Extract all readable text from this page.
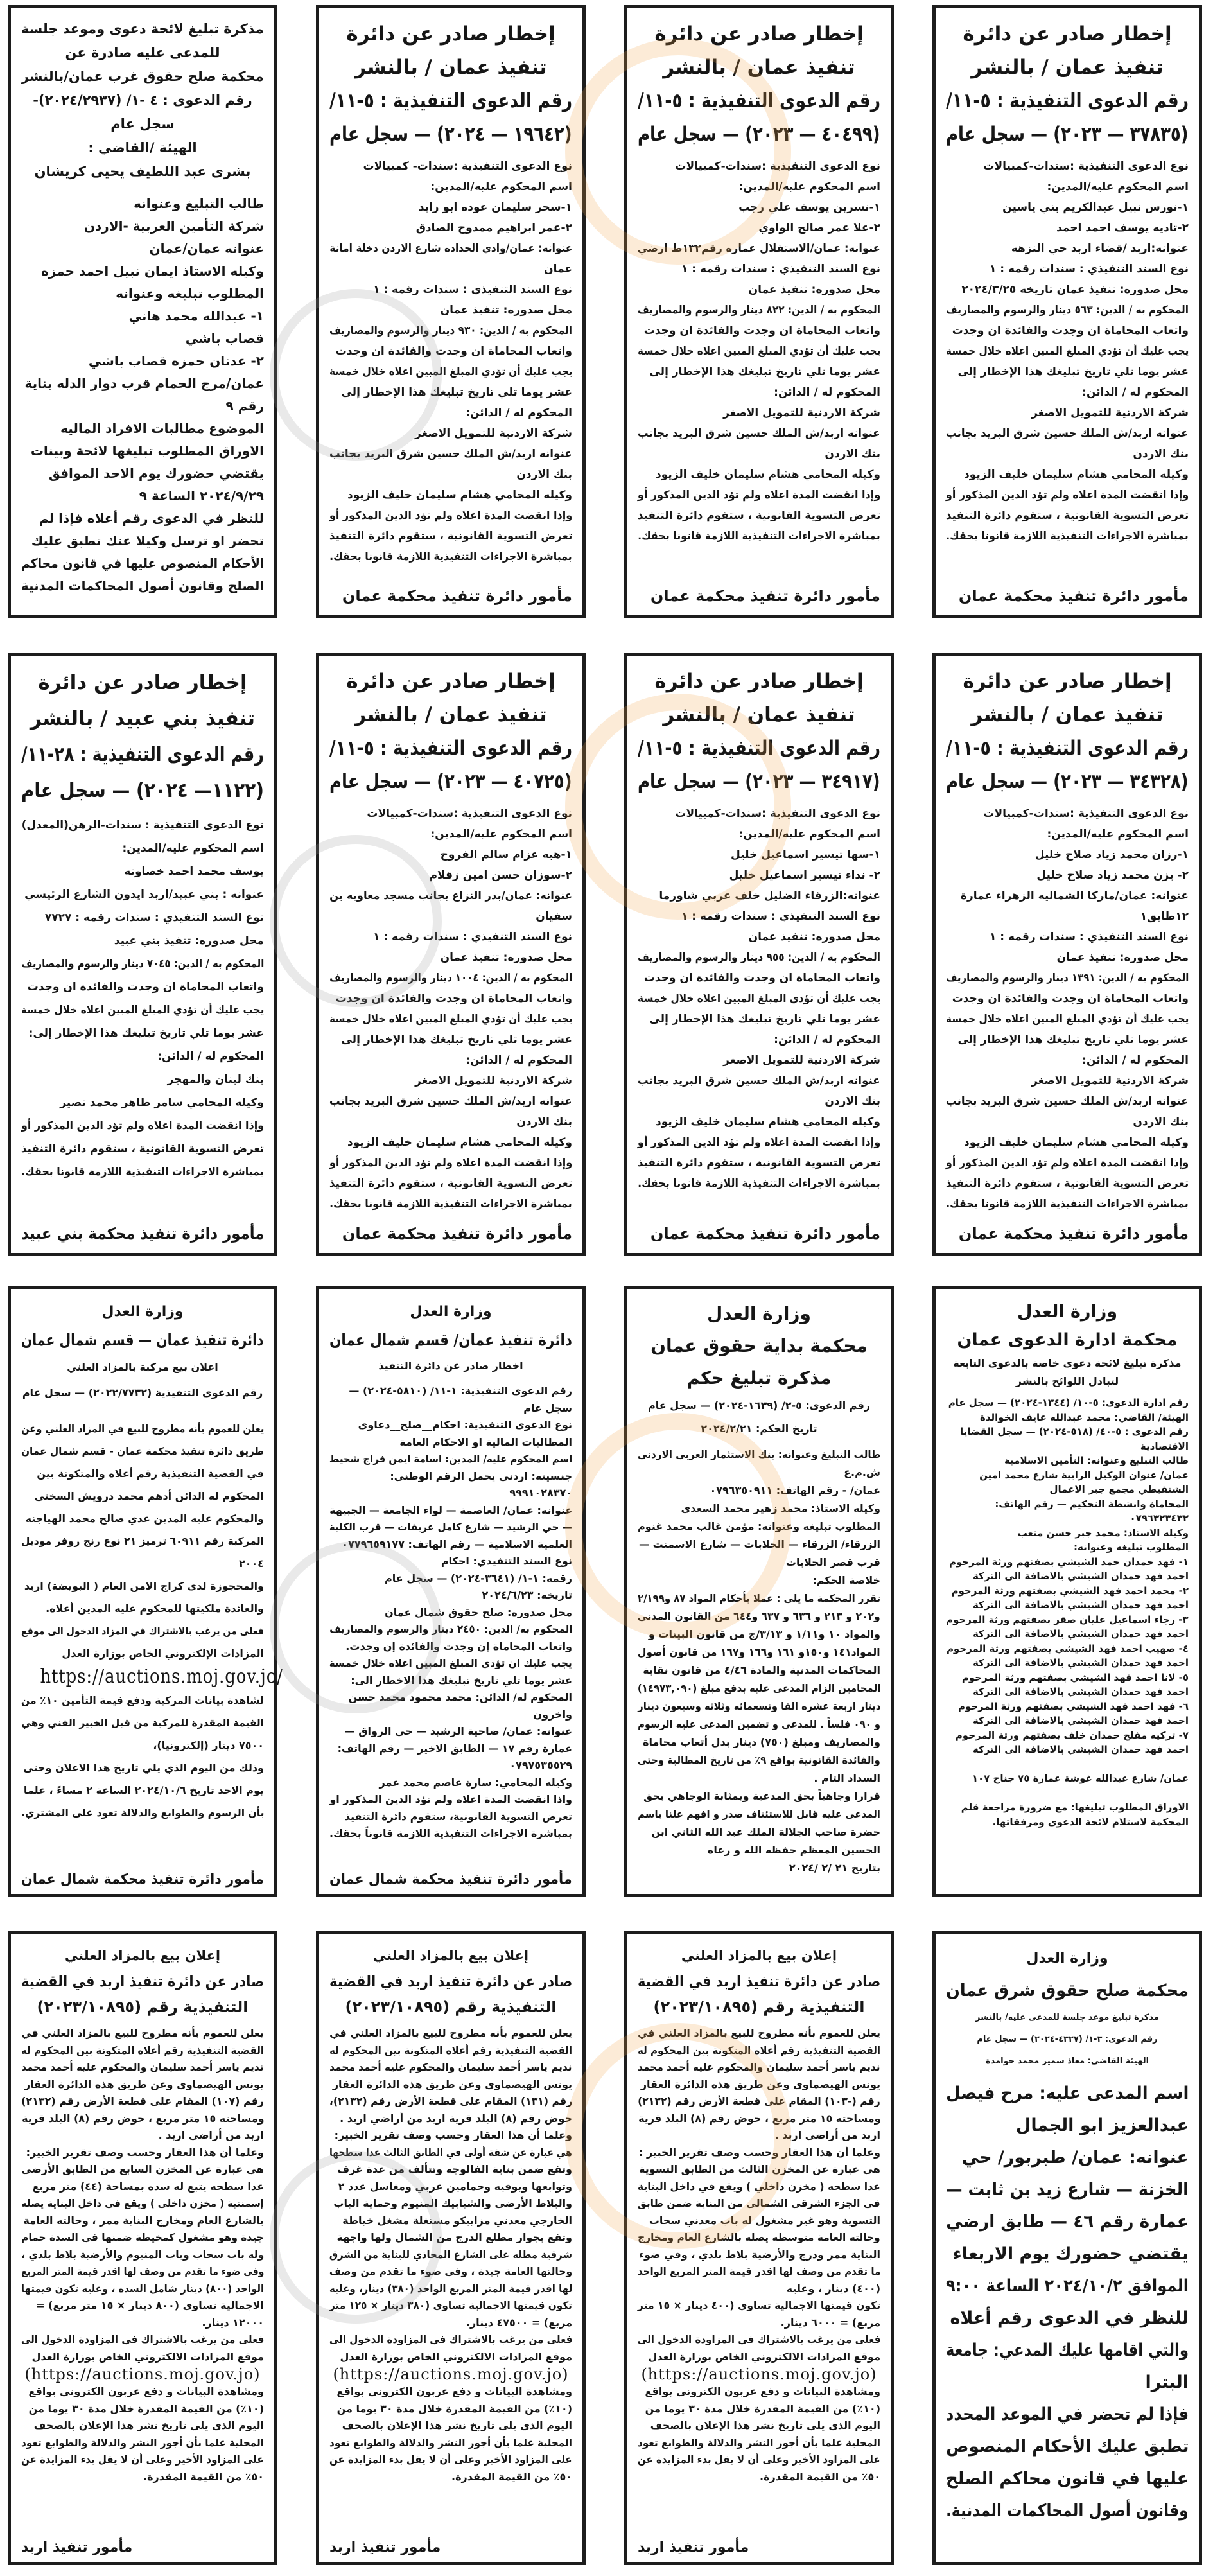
إخطار صادر عن دائرة
تنفيذ عمان / بالنشر
رقم الدعوى التنفيذية : ٥-١١/
(٣٧٨٣٥ — ٢٠٢٣) — سجل عام
نوع الدعوى التنفيذية :سندات-كمبيالات
اسم المحكوم عليه/المدين:
١-نورس نبيل عبدالكريم بني ياسين
٢-تاديه يوسف احمد احمد
عنوانه:اربد /قضاء اربد حي النزهه
نوع السند التنفيذي : سندات رقمه : ١
محل صدوره: تنفيذ عمان تاريخه ٢٠٢٤/٣/٢٥
المحكوم به / الدين: ٥٦٣ دينار والرسوم والمصاريف
واتعاب المحاماة ان وجدت والفائدة ان وجدت
يجب عليك أن تؤدي المبلغ المبين اعلاه خلال خمسة
عشر يوما تلي تاريخ تبليغك هذا الإخطار إلى
المحكوم له / الدائن:
شركة الاردنية للتمويل الاصغر
عنوانه اربد/ش الملك حسين شرق البريد بجانب
بنك الاردن
وكيله المحامي هشام سليمان خليف الزيود
وإذا انقضت المدة اعلاه ولم تؤد الدين المذكور أو
تعرض التسوية القانونية ، ستقوم دائرة التنفيذ
بمباشرة الاجراءات التنفيذية اللازمة قانونا بحقك.
مأمور دائرة تنفيذ محكمة عمان
إخطار صادر عن دائرة
تنفيذ عمان / بالنشر
رقم الدعوى التنفيذية : ٥-١١/
(٤٠٤٩٩ — ٢٠٢٣) — سجل عام
نوع الدعوى التنفيذية :سندات-كمبيالات
اسم المحكوم عليه/المدين:
١-نسرين يوسف علي رجب
٢-علا عمر صالح الواوي
عنوانه: عمان/الاستقلال عماره رقم١٣٢ط ارضي
نوع السند التنفيذي : سندات رقمه : ١
محل صدوره: تنفيذ عمان
المحكوم به / الدين: ٨٢٢ دينار والرسوم والمصاريف
واتعاب المحاماة ان وجدت والفائدة ان وجدت
يجب عليك أن تؤدي المبلغ المبين اعلاه خلال خمسة
عشر يوما تلي تاريخ تبليغك هذا الإخطار إلى
المحكوم له / الدائن:
شركة الاردنية للتمويل الاصغر
عنوانه اربد/ش الملك حسين شرق البريد بجانب
بنك الاردن
وكيله المحامي هشام سليمان خليف الزيود
وإذا انقضت المدة اعلاه ولم تؤد الدين المذكور أو
تعرض التسوية القانونية ، ستقوم دائرة التنفيذ
بمباشرة الاجراءات التنفيذية اللازمة قانونا بحقك.
مأمور دائرة تنفيذ محكمة عمان
إخطار صادر عن دائرة
تنفيذ عمان / بالنشر
رقم الدعوى التنفيذية : ٥-١١/
(١٩٦٤٢ — ٢٠٢٤) — سجل عام
نوع الدعوى التنفيذية :سندات- كمبيالات
اسم المحكوم عليه/المدين:
١-سحر سليمان عوده ابو زايد
٢-عمر ابراهيم ممدوح الصادق
عنوانه: عمان/وادي الحداده شارع الاردن دخلة امانة
عمان
نوع السند التنفيذي : سندات رقمه : ١
محل صدوره: تنفيذ عمان
المحكوم به / الدين: ٩٣٠ دينار والرسوم والمصاريف
واتعاب المحاماة ان وجدت والفائدة ان وجدت
يجب عليك أن تؤدي المبلغ المبين اعلاه خلال خمسة
عشر يوما تلي تاريخ تبليغك هذا الإخطار إلى
المحكوم له / الدائن:
شركة الاردنية للتمويل الاصغر
عنوانه اربد/ش الملك حسين شرق البريد بجانب
بنك الاردن
وكيله المحامي هشام سليمان خليف الزيود
وإذا انقضت المدة اعلاه ولم تؤد الدين المذكور أو
تعرض التسوية القانونية ، ستقوم دائرة التنفيذ
بمباشرة الاجراءات التنفيذية اللازمة قانونا بحقك.
مأمور دائرة تنفيذ محكمة عمان
مذكرة تبليغ لائحة دعوى وموعد جلسة
للمدعى عليه صادرة عن
محكمة صلح حقوق غرب عمان/بالنشر
رقم الدعوى : ٤ -١/ (٢٠٢٤/٢٩٣٧)-
سجل عام
الهيئة /القاضي :
بشرى عبد اللطيف يحيى كريشان
طالب التبليغ وعنوانه
شركة التأمين العربية -الاردن
عنوانه عمان/عمان
وكيله الاستاذ ايمان نبيل احمد حمزه
المطلوب تبليغه وعنوانه
١- عبدالله محمد هاني
قصاب باشي
٢- عدنان حمزه قصاب باشي
عمان/مرج الحمام قرب دوار الدله بناية
رقم ٩
الموضوع مطالبات الافراد الماليه
الاوراق المطلوب تبليغها لائحة وبينات
يقتضي حضورك يوم الاحد الموافق
٢٠٢٤/٩/٢٩ الساعة ٩
للنظر في الدعوى رقم أعلاه فإذا لم
تحضر او ترسل وكيلا عنك تطبق عليك
الأحكام المنصوص عليها في قانون محاكم
الصلح وقانون أصول المحاكمات المدنية
إخطار صادر عن دائرة
تنفيذ عمان / بالنشر
رقم الدعوى التنفيذية : ٥-١١/
(٣٤٣٢٨ — ٢٠٢٣) — سجل عام
نوع الدعوى التنفيذية :سندات-كمبيالات
اسم المحكوم عليه/المدين:
١-رزان محمد زياد صلاح خليل
٢- يزن محمد زياد صلاح خليل
عنوانه: عمان/ماركا الشماليه الزهراء عمارة
١٢طابق١
نوع السند التنفيذي : سندات رقمه : ١
محل صدوره: تنفيذ عمان
المحكوم به / الدين: ١٣٩١ دينار والرسوم والمصاريف
واتعاب المحاماة ان وجدت والفائدة ان وجدت
يجب عليك أن تؤدي المبلغ المبين اعلاه خلال خمسة
عشر يوما تلي تاريخ تبليغك هذا الإخطار إلى
المحكوم له / الدائن:
شركة الاردنية للتمويل الاصغر
عنوانه اربد/ش الملك حسين شرق البريد بجانب
بنك الاردن
وكيله المحامي هشام سليمان خليف الزيود
وإذا انقضت المدة اعلاه ولم تؤد الدين المذكور أو
تعرض التسوية القانونية ، ستقوم دائرة التنفيذ
بمباشرة الاجراءات التنفيذية اللازمة قانونا بحقك.
مأمور دائرة تنفيذ محكمة عمان
إخطار صادر عن دائرة
تنفيذ عمان / بالنشر
رقم الدعوى التنفيذية : ٥-١١/
(٣٤٩١٧ — ٢٠٢٣) — سجل عام
نوع الدعوى التنفيذية :سندات-كمبيالات
اسم المحكوم عليه/المدين:
١-سها تيسير اسماعيل خليل
٢- نداء تيسير اسماعيل خليل
عنوانه:الزرقاء الضليل خلف عربي شاورما
نوع السند التنفيذي : سندات رقمه : ١
محل صدوره: تنفيذ عمان
المحكوم به / الدين: ٩٥٥ دينار والرسوم والمصاريف
واتعاب المحاماة ان وجدت والفائدة ان وجدت
يجب عليك أن تؤدي المبلغ المبين اعلاه خلال خمسة
عشر يوما تلي تاريخ تبليغك هذا الإخطار إلى
المحكوم له / الدائن:
شركة الاردنية للتمويل الاصغر
عنوانه اربد/ش الملك حسين شرق البريد بجانب
بنك الاردن
وكيله المحامي هشام سليمان خليف الزيود
وإذا انقضت المدة اعلاه ولم تؤد الدين المذكور أو
تعرض التسوية القانونية ، ستقوم دائرة التنفيذ
بمباشرة الاجراءات التنفيذية اللازمة قانونا بحقك.
مأمور دائرة تنفيذ محكمة عمان
إخطار صادر عن دائرة
تنفيذ عمان / بالنشر
رقم الدعوى التنفيذية : ٥-١١/
(٤٠٧٢٥ — ٢٠٢٣) — سجل عام
نوع الدعوى التنفيذية :سندات-كمبيالات
اسم المحكوم عليه/المدين:
١-هبه عزام سالم الفروخ
٢-سوزان حسن امين زقلام
عنوانه: عمان/بدر النزاع بجانب مسجد معاويه بن
سفيان
نوع السند التنفيذي : سندات رقمه : ١
محل صدوره: تنفيذ عمان
المحكوم به / الدين: ١٠٠٤ دينار والرسوم والمصاريف
واتعاب المحاماة ان وجدت والفائدة ان وجدت
يجب عليك أن تؤدي المبلغ المبين اعلاه خلال خمسة
عشر يوما تلي تاريخ تبليغك هذا الإخطار إلى
المحكوم له / الدائن:
شركة الاردنية للتمويل الاصغر
عنوانه اربد/ش الملك حسين شرق البريد بجانب
بنك الاردن
وكيله المحامي هشام سليمان خليف الزيود
وإذا انقضت المدة اعلاه ولم تؤد الدين المذكور أو
تعرض التسوية القانونية ، ستقوم دائرة التنفيذ
بمباشرة الاجراءات التنفيذية اللازمة قانونا بحقك.
مأمور دائرة تنفيذ محكمة عمان
إخطار صادر عن دائرة
تنفيذ بني عبيد / بالنشر
رقم الدعوى التنفيذية : ٢٨-١١/
(١١٢٢— ٢٠٢٤) — سجل عام
نوع الدعوى التنفيذية : سندات-الرهن(المعدل)
اسم المحكوم عليه/المدين:
يوسف محمد احمد خصاونه
عنوانه : بني عبيد/اربد ايدون الشارع الرئيسي
نوع السند التنفيذي : سندات رقمه : ٧٧٢٧
محل صدوره: تنفيذ بني عبيد
المحكوم به / الدين: ٧٠٤٥ دينار والرسوم والمصاريف
واتعاب المحاماة ان وجدت والفائدة ان وجدت
يجب عليك أن تؤدي المبلغ المبين اعلاه خلال خمسة
عشر يوما تلي تاريخ تبليغك هذا الإخطار إلى:
المحكوم له / الدائن:
بنك لبنان والمهجر
وكيله المحامي سامر طاهر محمد نصير
وإذا انقضت المدة اعلاه ولم تؤد الدين المذكور أو
تعرض التسوية القانونية ، ستقوم دائرة التنفيذ
بمباشرة الاجراءات التنفيذية اللازمة قانونا بحقك.
مأمور دائرة تنفيذ محكمة بني عبيد
وزارة العدل
محكمة ادارة الدعوى عمان
مذكرة تبليغ لائحة دعوى خاصة بالدعوى التابعة
لتبادل اللوائح بالنشر
رقم ادارة الدعوى: ٥-١٠/ (١٣٤٤-٢٠٢٤) — سجل عام
الهيئة/ القاضي: محمد عبدالله عايف الخوالدة
رقم الدعوى : ٥-٤٠/ (٥١٨-٢٠٢٤) — سجل القضايا
الاقتصادية
طالب التبليغ وعنوانه: التأمين الاسلامية
عمان/ عنوان الوكيل الرابية شارع محمد امين
الشنقيطي مجمع جبر الاعمال
المحاماة وانشطة التحكيم — رقم الهاتف:
٠٧٩٦٣٢٣٤٣٢
وكيله الاستاذ: محمد جبر حسن متعب
المطلوب تبليغه وعنوانه:
١- فهد حمدان حمد الشيشي بصفتهم ورثة المرحوم
احمد فهد حمدان الشيشي بالاضافة الى التركة
٢- محمد احمد فهد الشيشي بصفتهم ورثة المرحوم
احمد فهد حمدان الشيشي بالاضافة الى التركة
٣- رجاء اسماعيل عليان صقر بصفتهم ورثة المرحوم
احمد فهد حمدان الشيشي بالاضافة الى التركة
٤- صهيب احمد فهد الشيشي بصفتهم ورثة المرحوم
احمد فهد حمدان الشيشي بالاضافة الى التركة
٥- لانا احمد فهد الشيشي بصفتهم ورثة المرحوم
احمد فهد حمدان الشيشي بالاضافة الى التركة
٦- فهد احمد فهد الشيشي بصفتهم ورثة المرحوم
احمد فهد حمدان الشيشي بالاضافة الى التركة
٧- تركيه مفلح حمدان خلف بصفتهم ورثة المرحوم
احمد فهد حمدان الشيشي بالاضافة الى التركة

عمان/ شارع عبدالله غوشة عمارة ٧٥ جناح ١٠٧

الاوراق المطلوب تبليغها: مع ضرورة مراجعة قلم
المحكمة لاستلام لائحة الدعوى ومرفقاتها.
وزارة العدل
محكمة بداية حقوق عمان
مذكرة تبليغ حكم
رقم الدعوى: ٥-٢/ (١٦٣٩-٢٠٢٤) — سجل عام
تاريخ الحكم: ٢٠٢٤/٢/٢١
طالب التبليغ وعنوانه: بنك الاستثمار العربي الاردني
ش.م.ع
عمان/ - رقم الهاتف: ٠٧٩٦٣٥٠٩١١
وكيله الاستاذ: محمد زهير محمد السعدي
المطلوب تبليغه وعنوانه: مؤمن غالب محمد غنوم
الزرقاء/ الزرقاء — الحلابات — شارع الاسمنت —
قرب قصر الحلابات
خلاصة الحكم:
تقرر المحكمة ما يلي : عملا بأحكام المواد ٨٧ و٢/١٩٩
و٢٠٢ و ٢١٣ و ٦٣٦ و ٦٣٧ و٦٤٤ من القانون المدني
والمواد ١٠ و١/١١ و ٣/١٣/ج من قانون البينات و
المواد١٤١ و١٥٠و ١٦١ و١٦٦ و١٦٧ من قانون أصول
المحاكمات المدنية والمادة ٤/٤٦ من قانون نقابة
المحامين الزام المدعى عليه بدفع مبلغ (١٤٩٧٣,٠٩٠)
دينار اربعة عشره الفا وتسعمائه وثلاثه وسبعون دينار
و ٠٩٠ فلساً . للمدعي و تضمين المدعى عليه الرسوم
والمصاريف ومبلغ (٧٥٠) دينار بدل أتعاب محاماة
والفائدة القانونية بواقع ٩٪ من تاريخ المطالبة وحتى
السداد التام .
قرارا وجاهياً بحق المدعية وبمثابة الوجاهي بحق
المدعى عليه قابل للاستئناف صدر و افهم علنا باسم
حضرة صاحب الجلالة الملك عبد الله الثاني ابن
الحسين المعظم حفظه الله و رعاه
بتاريخ ٢١ /٢ /٢٠٢٤
وزارة العدل
دائرة تنفيذ عمان/ قسم شمال عمان
اخطار صادر عن دائرة التنفيذ
رقم الدعوى التنفيذية: ١-١١/ (٥٨١٠-٢٠٢٤) —
سجل عام
نوع الدعوى التنفيذية: احكام__صلح__دعاوى
المطالبات المالية او الاحكام العامة
اسم المحكوم عليه/ المدين: اسامة ايمن فراج شحيط
جنسيته: اردني يحمل الرقم الوطني:
٩٩٩١٠٢٨٣٧٠
عنوانه: عمان/ العاصمة — لواء الجامعة — الجبيهة
— حي الرشيد — شارع كامل عريقات — قرب الكلية
العلمية الاسلامية — رقم الهاتف: ٠٧٧٩٦٥٩١٧٧
نوع السند التنفيذي: احكام
رقمه: ١-١/ (٣٦٤١-٢٠٢٤) — سجل عام
تاريخه: ٢٠٢٤/٦/٢٣
محل صدوره: صلح حقوق شمال عمان
المحكوم به/ الدين: ٢٤٥٠ دينار والرسوم والمصاريف
واتعاب المحاماة إن وجدت والفائدة إن وجدت.
يجب عليك ان تؤدي المبلغ المبين اعلاه خلال خمسة
عشر يوما تلي تاريخ تبليغك هذا الاخطار الى:
المحكوم له/ الدائن: محمد محمود محمد حسن
واخرون
عنوانه: عمان/ ضاحية الرشيد — حي الرواق —
عمارة رقم ١٧ — الطابق الاخير — رقم الهاتف:
٠٧٩٧٥٣٥٥٢٩
وكيله المحامي: سارة عاصم محمد عمر
واذا انقضت المدة اعلاه ولم تؤد الدين المذكور او
تعرض التسوية القانونية، ستقوم دائرة التنفيذ
بمباشرة الاجراءات التنفيذية اللازمة قانوناً بحقك.
مأمور دائرة تنفيذ محكمة شمال عمان
وزارة العدل
دائرة تنفيذ عمان — قسم شمال عمان
اعلان بيع مركبة بالمزاد العلني
رقم الدعوى التنفيذية (٢٠٢٢/٧٧٣٢) — سجل عام
يعلن للعموم بأنه مطروح للبيع في المزاد العلني وعن
طريق دائرة تنفيذ محكمة عمان - قسم شمال عمان
في القضية التنفيذية رقم أعلاه والمتكونة بين
المحكوم له الدائن أدهم محمد درويش السخني
والمحكوم عليه المدين عدي صالح محمد الهياجنه
المركبة رقم ٦٠٩١١ ترميز ٢١ نوع رنج روفر موديل
٢٠٠٤
والمحجوزة لدى كراج الامن العام ( البويضة) اربد
والعائدة ملكيتها للمحكوم عليه المدين أعلاه.
فعلى من يرغب بالاشتراك في المزاد الدخول الى موقع
المزادات الإلكتروني الخاص بوزارة العدل
https://auctions.moj.gov.jo/
لشاهدة بيانات المركبة ودفع قيمة التأمين ١٠٪ من
القيمة المقدرة للمركبة من قبل الخبير الفني وهي
٧٥٠٠ دينار (إلكترونيا)،
وذلك من اليوم الذي يلي تاريخ هذا الاعلان وحتى
يوم الاحد تاريخ ٢٠٢٤/١٠/٦ الساعة ٢ مساءً ، علما
بأن الرسوم والطوابع والدلالة تعود على المشتري.
مأمور دائرة تنفيذ محكمة شمال عمان
وزارة العدل
محكمة صلح حقوق شرق عمان
مذكرة تبليغ موعد جلسة للمدعى عليه/ بالنشر
رقم الدعوى: ٣-١/ (٤٣٢٧-٢٠٢٤) — سجل عام
الهيئة القاضي: معاذ سمير محمد حوامدة
اسم المدعى عليه: مرح فيصل
عبدالعزيز ابو الجمال
عنوانه: عمان/ طبربور/ حي
الخزنة — شارع زيد بن ثابت —
عمارة رقم ٤٦ — طابق ارضي
يقتضي حضورك يوم الاربعاء
الموافق ٢٠٢٤/١٠/٢ الساعة ٩:٠٠
للنظر في الدعوى رقم أعلاه
والتي اقامها عليك المدعي: جامعة
البترا
فإذا لم تحضر في الموعد المحدد
تطبق عليك الأحكام المنصوص
عليها في قانون محاكم الصلح
وقانون أصول المحاكمات المدنية.
إعلان بيع بالمزاد العلني
صادر عن دائرة تنفيذ اربد في القضية
التنفيذية رقم (٢٠٢٣/١٠٨٩٥)
يعلن للعموم بأنه مطروح للبيع بالمزاد العلني في
القضية التنفيذية رقم أعلاه المتكونة بين المحكوم له
نديم ياسر أحمد سليمان والمحكوم عليه أحمد محمد
يونس الهيصماوي وعن طريق هذه الدائرة العقار
رقم (-١٠٣) المقام على قطعة الأرض رقم (٢١٣٢)
ومساحته ١٥ متر مربع ، حوض رقم (٨) البلد قرية
اربد من أراضي اربد .
وعلما أن هذا العقار وحسب وصف تقرير الخبير :
هي عبارة عن المخزن الثالث من الطابق التسوية
عدا سطحه ( مخزن داخلي ) ويقع في داخل البناية
في الجزء الشرقي الشمالي من البناية ضمن طابق
التسوية وهو غير مشغول له باب معدني سحاب
وحالته العامة متوسطه يصله بالشارع العام ومخارج
البناية ممر ودرج والأرضية بلاط بلدي ، وفي ضوء
ما تقدم من وصف لها اقدر قيمة المتر المربع الواحد
(٤٠٠) دينار ، وعليه
تكون قيمتها الاجمالية تساوي (٤٠٠ دينار × ١٥ متر
مربع) = ٦٠٠٠ دينار.
فعلى من يرغب بالاشتراك في المزاودة الدخول الى
موقع المزادات الالكتروني الخاص بوزارة العدل
(https://auctions.moj.gov.jo)
ومشاهدة البيانات و دفع عربون الكتروني بواقع
(١٠٪) من القيمة المقدرة خلال مدة ٣٠ يوما من
اليوم الذي يلي تاريخ نشر هذا الإعلان بالصحف
المحلية علما بأن أجور النشر والدلالة والطوابع تعود
على المزاود الأخير وعلى أن لا يقل بدء المزايدة عن
٥٠٪ من القيمة المقدرة.
مأمور تنفيذ اربد
إعلان بيع بالمزاد العلني
صادر عن دائرة تنفيذ اربد في القضية
التنفيذية رقم (٢٠٢٣/١٠٨٩٥)
يعلن للعموم بأنه مطروح للبيع بالمزاد العلني في
القضية التنفيذية رقم أعلاه المتكونة بين المحكوم له
نديم ياسر أحمد سليمان والمحكوم عليه أحمد محمد
يونس الهيصماوي وعن طريق هذه الدائرة العقار
رقم (١٣١) المقام على قطعة الأرض رقم (٢١٣٢)،
حوض رقم (٨) البلد قرية اربد من أراضي اربد .
وعلما أن هذا العقار وحسب وصف تقرير الخبير:
هي عبارة عن شقة أولى في الطابق الثالث عدا سطحها
وتقع ضمن بناية الفالوجه وتتألف من عدة غرف
وتوابعها وبوفيه وحمامين عربي ومغاسل عدد ٢
والبلاط الأرضي والشبابيك المنيوم وحماية الباب
الخارجي معدني مزاييكو مستغلة مشغل خياطة
وتقع بجوار مطلع الدرج من الشمال ولها واجهة
شرقية مطله على الشارع المحاذي للبناية من الشرق
وحالتها العامة جيدة ، وفي ضوء ما تقدم من وصف
لها اقدر قيمة المتر المربع الواحد (٣٨٠) دينار، وعليه
تكون قيمتها الاجمالية تساوي (٣٨٠ دينار × ١٢٥ متر
مربع) = ٤٧٥٠٠ دينار.
فعلى من يرغب بالاشتراك في المزاودة الدخول الى
موقع المزادات الالكتروني الخاص بوزارة العدل
(https://auctions.moj.gov.jo)
ومشاهدة البيانات و دفع عربون الكتروني بواقع
(١٠٪) من القيمة المقدرة خلال مدة ٣٠ يوما من
اليوم الذي يلي تاريخ نشر هذا الإعلان بالصحف
المحلية علما بأن أجور النشر والدلالة والطوابع تعود
على المزاود الأخير وعلى أن لا يقل بدء المزايدة عن
٥٠٪ من القيمة المقدرة.
مأمور تنفيذ اربد
إعلان بيع بالمزاد العلني
صادر عن دائرة تنفيذ اربد في القضية
التنفيذية رقم (٢٠٢٣/١٠٨٩٥)
يعلن للعموم بأنه مطروح للبيع بالمزاد العلني في
القضية التنفيذية رقم أعلاه المتكونة بين المحكوم له
نديم ياسر أحمد سليمان والمحكوم عليه أحمد محمد
يونس الهيصماوي وعن طريق هذه الدائرة العقار
رقم (١٠٧) المقام على قطعة الأرض رقم (٢١٣٢)
ومساحته ١٥ متر مربع ، حوض رقم (٨) البلد قرية
اربد من أراضي اربد .
وعلما أن هذا العقار وحسب وصف تقرير الخبير:
هي عبارة عن المخزن السابع من الطابق الأرضي
عدا سطحه يتبع له سده بمساحة (٤٤) متر مربع
إسمنتية ( مخزن داخلي ) ويقع في داخل البناية يصله
بالشارع العام ومخارج البناية ممر ، وحالته العامة
جيدة وهو مشغول كمخيطة ضمنها في السدة حمام
وله باب سحاب وباب المنيوم والأرضية بلاط بلدي ،
وفي ضوء ما تقدم من وصف لها اقدر قيمة المتر المربع
الواحد (٨٠٠) دينار شامل السده ، وعليه تكون قيمتها
الاجمالية تساوي (٨٠٠ دينار × ١٥ متر مربع) =
١٢٠٠٠ دينار.
فعلى من يرغب بالاشتراك في المزاودة الدخول الى
موقع المزادات الالكتروني الخاص بوزارة العدل
(https://auctions.moj.gov.jo)
ومشاهدة البيانات و دفع عربون الكتروني بواقع
(١٠٪) من القيمة المقدرة خلال مدة ٣٠ يوما من
اليوم الذي يلي تاريخ نشر هذا الإعلان بالصحف
المحلية علما بأن أجور النشر والدلالة والطوابع تعود
على المزاود الأخير وعلى أن لا يقل بدء المزايدة عن
٥٠٪ من القيمة المقدرة.
مأمور تنفيذ اربد
